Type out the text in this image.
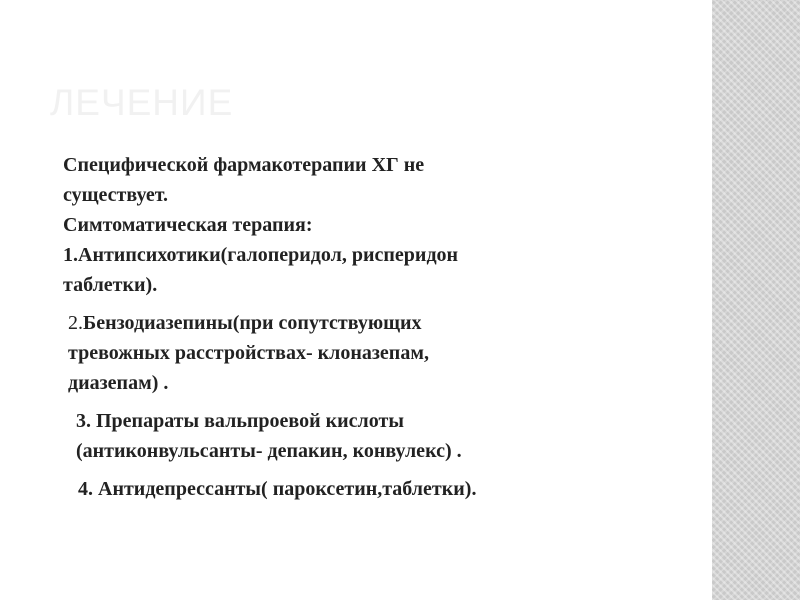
ЛЕЧЕНИЕ

Специфической фармакотерапии ХГ не
существует.
Симтоматическая терапия:
1.Антипсихотики(галоперидол, рисперидон
таблетки).

2.Бензодиазепины(при сопутствующих
тревожных расстройствах- клоназепам,
диазепам) .

3. Препараты вальпроевой кислоты
(антиконвульсанты- депакин, конвулекс) .

4. Антидепрессанты( пароксетин,таблетки).
